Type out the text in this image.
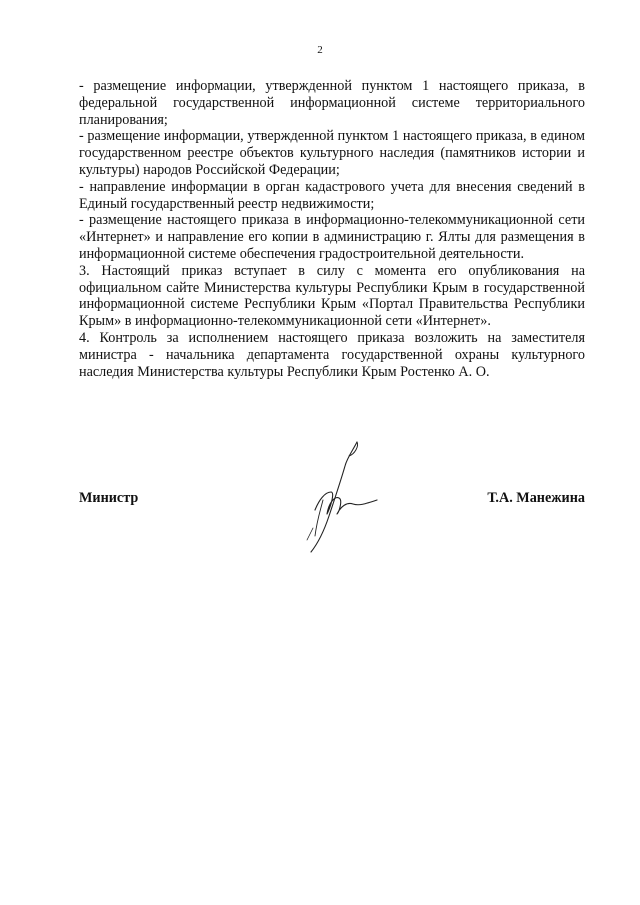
2

- размещение информации, утвержденной пунктом 1 настоящего приказа, в федеральной государственной информационной системе территориального планирования;

- размещение информации, утвержденной пунктом 1 настоящего приказа, в едином государственном реестре объектов культурного наследия (памятников истории и культуры) народов Российской Федерации;

- направление информации в орган кадастрового учета для внесения сведений в Единый государственный реестр недвижимости;

- размещение настоящего приказа в информационно-телекоммуникационной сети «Интернет» и направление его копии в администрацию г. Ялты для размещения в информационной системе обеспечения градостроительной деятельности.

3. Настоящий приказ вступает в силу с момента его опубликования на официальном сайте Министерства культуры Республики Крым в государственной информационной системе Республики Крым «Портал Правительства Республики Крым» в информационно-телекоммуникационной сети «Интернет».

4. Контроль за исполнением настоящего приказа возложить на заместителя министра - начальника департамента государственной охраны культурного наследия Министерства культуры Республики Крым Ростенко А. О.

Министр	Т.А. Манежина
